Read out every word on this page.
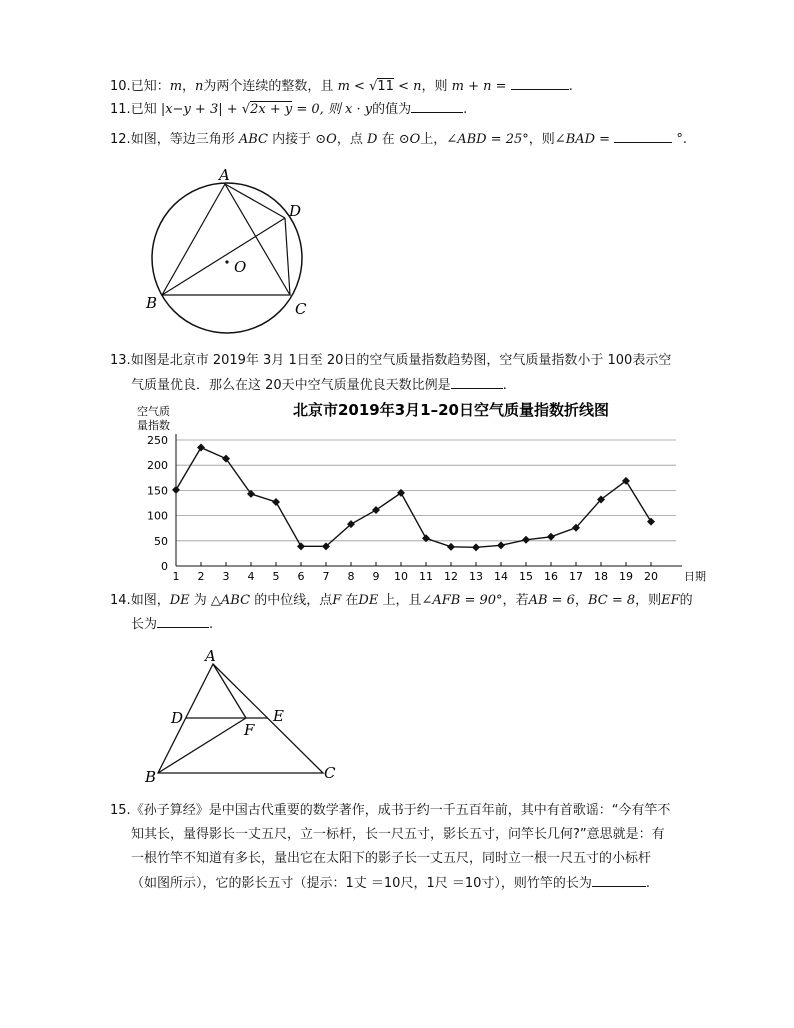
10.已知：m，n为两个连续的整数，且 m < √11 < n，则 m + n =	.
11.已知 |x−y + 3| + √2x + y = 0, 则 x · y的值为	.
12.如图，等边三角形 ABC 内接于 ⊙O，点 D 在 ⊙O上，∠ABD = 25°，则∠BAD =	°.
A
D
O
B	C
13.如图是北京市 2019年 3月 1日至 20日的空气质量指数趋势图，空气质量指数小于 100表示空
气质量优良．那么在这 20天中空气质量优良天数比例是	.
空气质
量指数
北京市2019年3月1–20日空气质量指数折线图
0
50
100
150
200
250
1 2 3 4 5 6 7 8 9 10 11 12 13 14 15 16 17 18 19 20 日期
14.如图，DE 为 △ABC 的中位线，点F 在DE 上，且∠AFB = 90°，若AB = 6，BC = 8，则EF的
长为	.
A
D	E
F
B	C
15.《孙子算经》是中国古代重要的数学著作，成书于约一千五百年前，其中有首歌谣：“今有竿不
知其长，量得影长一丈五尺，立一标杆，长一尺五寸，影长五寸，问竿长几何?”意思就是：有
一根竹竿不知道有多长，量出它在太阳下的影子长一丈五尺，同时立一根一尺五寸的小标杆
（如图所示），它的影长五寸（提示：1丈 ＝10尺，1尺 ＝10寸），则竹竿的长为	.
